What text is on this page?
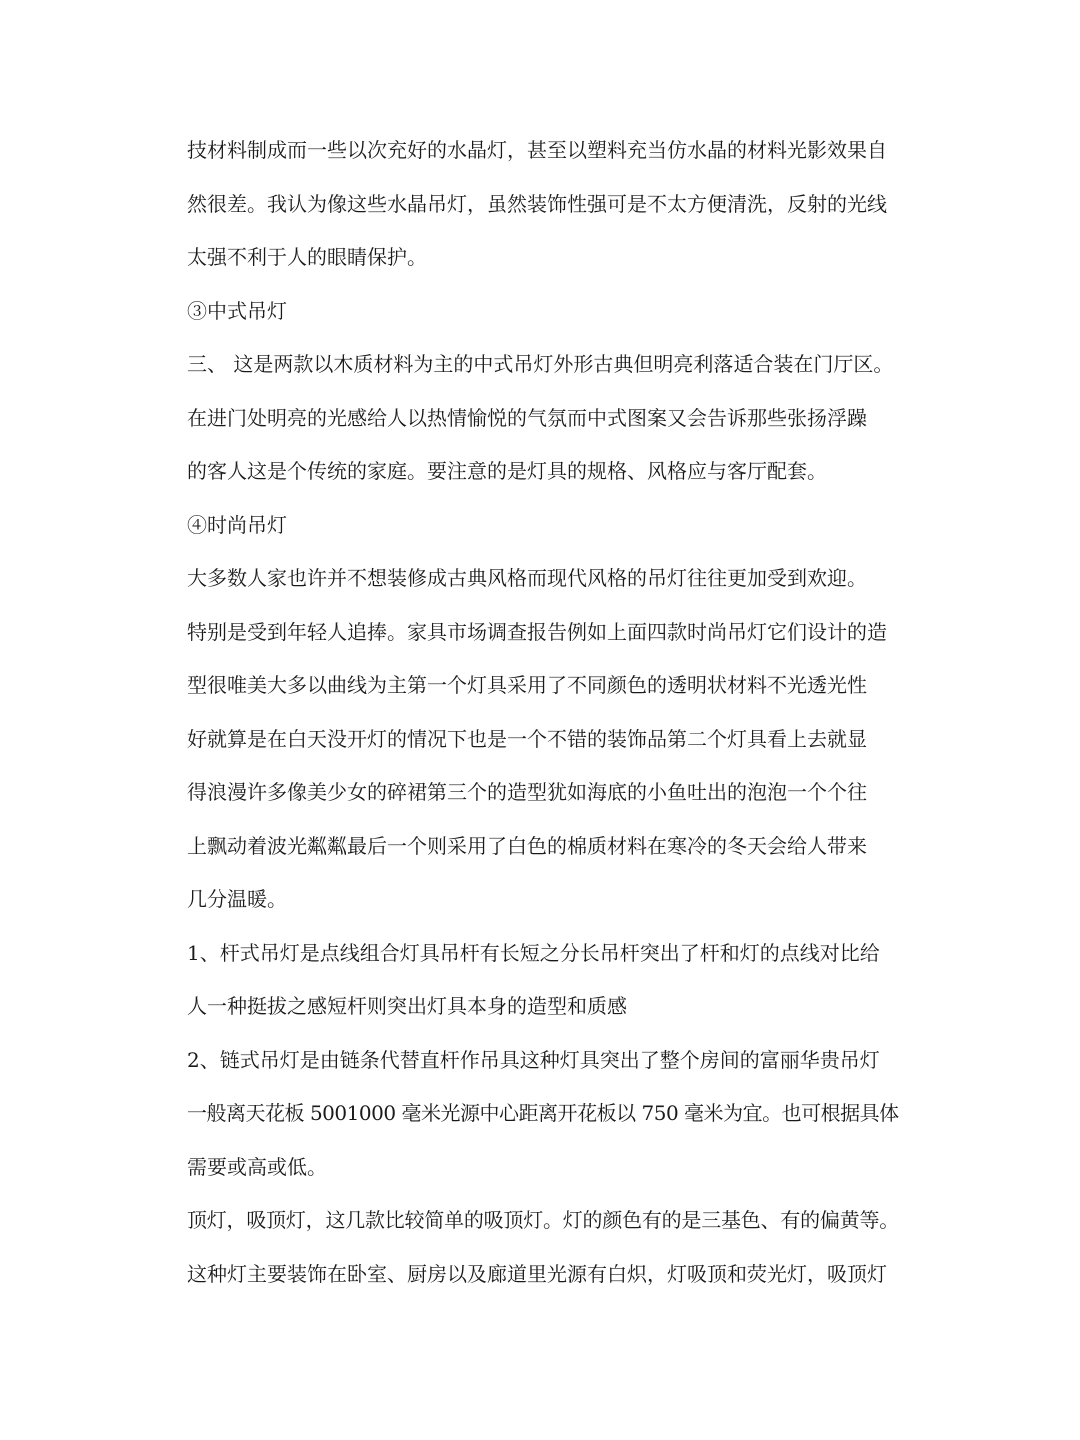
技材料制成而一些以次充好的水晶灯，甚至以塑料充当仿水晶的材料光影效果自
然很差。我认为像这些水晶吊灯，虽然装饰性强可是不太方便清洗，反射的光线
太强不利于人的眼睛保护。
③中式吊灯
三、 这是两款以木质材料为主的中式吊灯外形古典但明亮利落适合装在门厅区。
在进门处明亮的光感给人以热情愉悦的气氛而中式图案又会告诉那些张扬浮躁
的客人这是个传统的家庭。要注意的是灯具的规格、风格应与客厅配套。
④时尚吊灯
大多数人家也许并不想装修成古典风格而现代风格的吊灯往往更加受到欢迎。
特别是受到年轻人追捧。家具市场调查报告例如上面四款时尚吊灯它们设计的造
型很唯美大多以曲线为主第一个灯具采用了不同颜色的透明状材料不光透光性
好就算是在白天没开灯的情况下也是一个不错的装饰品第二个灯具看上去就显
得浪漫许多像美少女的碎裙第三个的造型犹如海底的小鱼吐出的泡泡一个个往
上飘动着波光粼粼最后一个则采用了白色的棉质材料在寒冷的冬天会给人带来
几分温暖。
1、杆式吊灯是点线组合灯具吊杆有长短之分长吊杆突出了杆和灯的点线对比给
人一种挺拔之感短杆则突出灯具本身的造型和质感
2、链式吊灯是由链条代替直杆作吊具这种灯具突出了整个房间的富丽华贵吊灯
一般离天花板 5001000 毫米光源中心距离开花板以 750 毫米为宜。也可根据具体
需要或高或低。
顶灯，吸顶灯，这几款比较简单的吸顶灯。灯的颜色有的是三基色、有的偏黄等。
这种灯主要装饰在卧室、厨房以及廊道里光源有白炽，灯吸顶和荧光灯，吸顶灯
